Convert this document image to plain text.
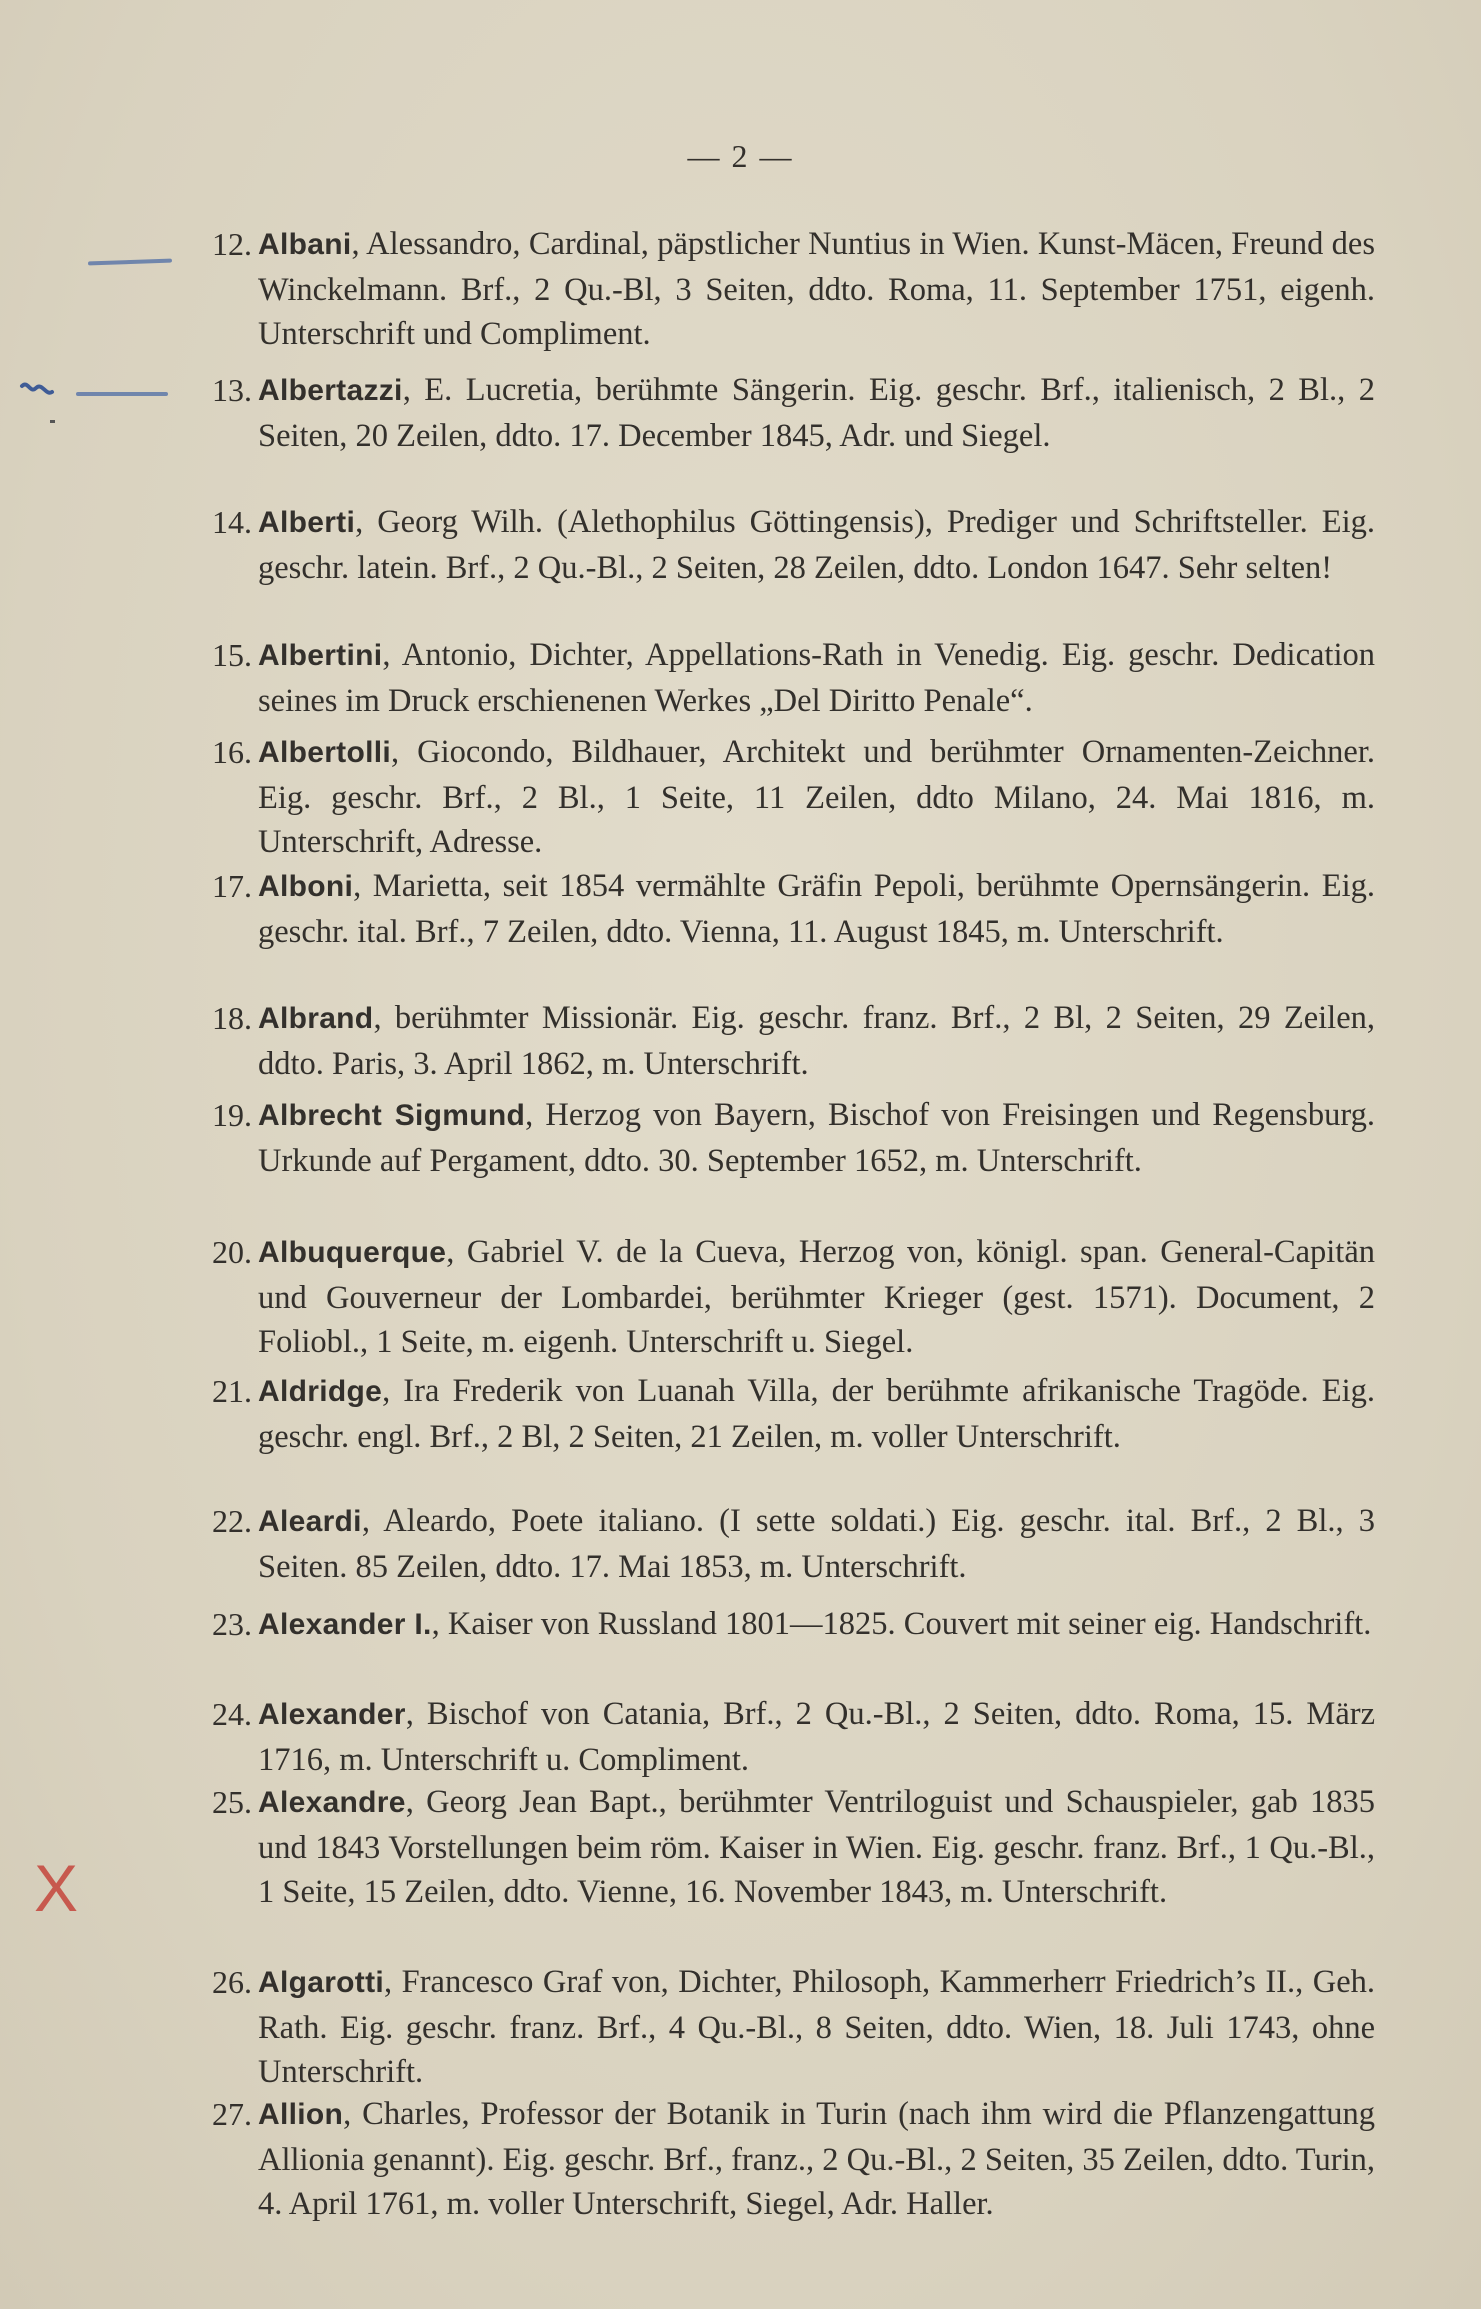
— 2 —
X
12. Albani, Alessandro, Cardinal, päpstlicher Nuntius in Wien. Kunst-Mäcen, Freund des Winckelmann. Brf., 2 Qu.-Bl, 3 Seiten, ddto. Roma, 11. September 1751, eigenh. Unterschrift und Compliment.
13. Albertazzi, E. Lucretia, berühmte Sängerin. Eig. geschr. Brf., italienisch, 2 Bl., 2 Seiten, 20 Zeilen, ddto. 17. December 1845, Adr. und Siegel.
14. Alberti, Georg Wilh. (Alethophilus Göttingensis), Prediger und Schriftsteller. Eig. geschr. latein. Brf., 2 Qu.-Bl., 2 Seiten, 28 Zeilen, ddto. London 1647. Sehr selten!
15. Albertini, Antonio, Dichter, Appellations-Rath in Venedig. Eig. geschr. Dedication seines im Druck erschienenen Werkes „Del Diritto Penale“.
16. Albertolli, Giocondo, Bildhauer, Architekt und berühmter Ornamenten-Zeichner. Eig. geschr. Brf., 2 Bl., 1 Seite, 11 Zeilen, ddto Milano, 24. Mai 1816, m. Unterschrift, Adresse.
17. Alboni, Marietta, seit 1854 vermählte Gräfin Pepoli, berühmte Opernsängerin. Eig. geschr. ital. Brf., 7 Zeilen, ddto. Vienna, 11. August 1845, m. Unterschrift.
18. Albrand, berühmter Missionär. Eig. geschr. franz. Brf., 2 Bl, 2 Seiten, 29 Zeilen, ddto. Paris, 3. April 1862, m. Unterschrift.
19. Albrecht Sigmund, Herzog von Bayern, Bischof von Freisingen und Regensburg. Urkunde auf Pergament, ddto. 30. September 1652, m. Unterschrift.
20. Albuquerque, Gabriel V. de la Cueva, Herzog von, königl. span. General-Capitän und Gouverneur der Lombardei, berühmter Krieger (gest. 1571). Document, 2 Foliobl., 1 Seite, m. eigenh. Unterschrift u. Siegel.
21. Aldridge, Ira Frederik von Luanah Villa, der berühmte afrikanische Tragöde. Eig. geschr. engl. Brf., 2 Bl, 2 Seiten, 21 Zeilen, m. voller Unterschrift.
22. Aleardi, Aleardo, Poete italiano. (I sette soldati.) Eig. geschr. ital. Brf., 2 Bl., 3 Seiten. 85 Zeilen, ddto. 17. Mai 1853, m. Unterschrift.
23. Alexander I., Kaiser von Russland 1801—1825. Couvert mit seiner eig. Handschrift.
24. Alexander, Bischof von Catania, Brf., 2 Qu.-Bl., 2 Seiten, ddto. Roma, 15. März 1716, m. Unterschrift u. Compliment.
25. Alexandre, Georg Jean Bapt., berühmter Ventriloguist und Schauspieler, gab 1835 und 1843 Vorstellungen beim röm. Kaiser in Wien. Eig. geschr. franz. Brf., 1 Qu.-Bl., 1 Seite, 15 Zeilen, ddto. Vienne, 16. November 1843, m. Unterschrift.
26. Algarotti, Francesco Graf von, Dichter, Philosoph, Kammerherr Friedrich’s II., Geh. Rath. Eig. geschr. franz. Brf., 4 Qu.-Bl., 8 Seiten, ddto. Wien, 18. Juli 1743, ohne Unterschrift.
27. Allion, Charles, Professor der Botanik in Turin (nach ihm wird die Pflanzengattung Allionia genannt). Eig. geschr. Brf., franz., 2 Qu.-Bl., 2 Seiten, 35 Zeilen, ddto. Turin, 4. April 1761, m. voller Unterschrift, Siegel, Adr. Haller.
